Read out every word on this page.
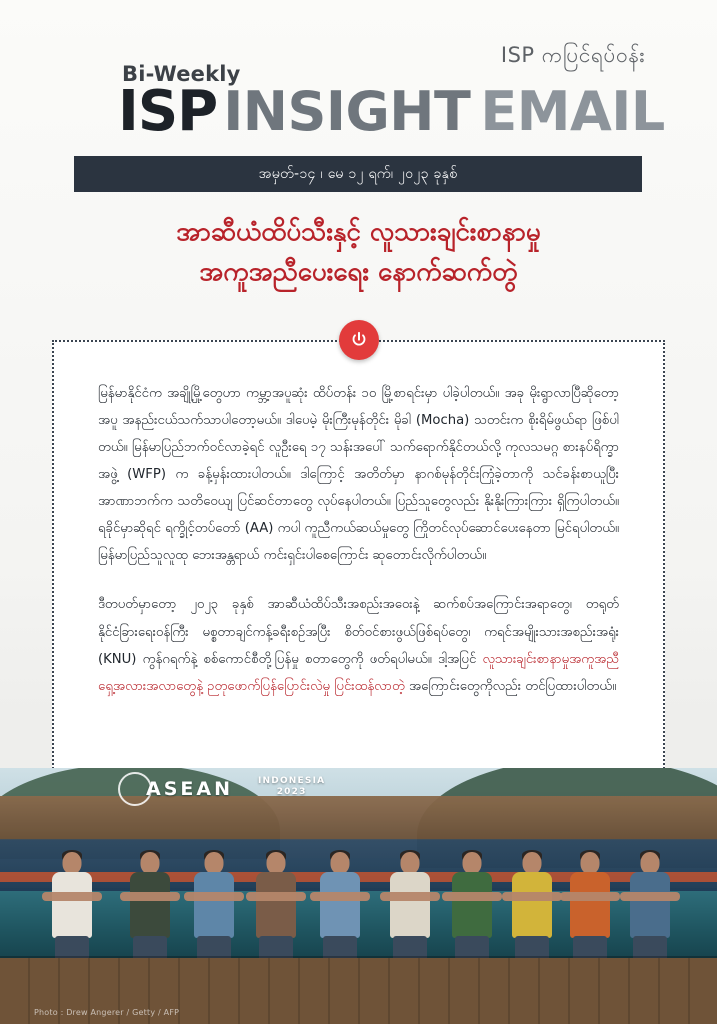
ISP ကပြင်ရပ်ဝန်း
Bi-Weekly
ISP INSIGHT EMAIL
အမှတ်-၁၄ ၊ မေ ၁၂ ရက်၊ ၂၀၂၃ ခုနှစ်
အာဆီယံထိပ်သီးနှင့် လူသားချင်းစာနာမှု
အကူအညီပေးရေး နောက်ဆက်တွဲ

မြန်မာနိုင်ငံက အချို့မြို့တွေဟာ ကမ္ဘာ့အပူဆုံး ထိပ်တန်း ၁၀ မြို့စာရင်းမှာ ပါခဲ့ပါတယ်။ အခု မိုးရွာလာပြီဆိုတော့ အပူ အနည်းငယ်သက်သာပါတော့မယ်။ ဒါပေမဲ့ မိုးကြီးမုန်တိုင်း မိုခါ (Mocha) သတင်းက စိုးရိမ်ဖွယ်ရာ ဖြစ်ပါတယ်။ မြန်မာပြည်ဘက်ဝင်လာခဲ့ရင် လူဦးရေ ၁၇ သန်းအပေါ် သက်ရောက်နိုင်တယ်လို့ ကုလသမဂ္ဂ စားနပ်ရိက္ခာအဖွဲ့ (WFP) က ခန့်မှန်းထားပါတယ်။ ဒါကြောင့် အတိတ်မှာ နာဂစ်မုန်တိုင်းကြုံခဲ့တာကို သင်ခန်းစာယူပြီး အာဏာဘက်က သတိဝေယျ ပြင်ဆင်တာတွေ လုပ်နေပါတယ်။ ပြည်သူတွေလည်း နိုးနိုးကြားကြား ရှိကြပါတယ်။ ရခိုင်မှာဆိုရင် ရက္ခိုင့်တပ်တော် (AA) ကပါ ကူညီကယ်ဆယ်မှုတွေ ကြိုတင်လုပ်ဆောင်ပေးနေတာ မြင်ရပါတယ်။ မြန်မာပြည်သူလူထု ဘေးအန္တရာယ် ကင်းရှင်းပါစေကြောင်း ဆုတောင်းလိုက်ပါတယ်။

ဒီတပတ်မှာတော့ ၂၀၂၃ ခုနှစ် အာဆီယံထိပ်သီးအစည်းအဝေးနဲ့ ဆက်စပ်အကြောင်းအရာတွေ၊ တရုတ်နိုင်ငံခြားရေးဝန်ကြီး မစ္စတာချင်ကန့်ခရီးစဉ်အပြီး စိတ်ဝင်စားဖွယ်ဖြစ်ရပ်တွေ၊ ကရင်အမျိုးသားအစည်းအရုံး (KNU) ကွန်ဂရက်နဲ့ စစ်ကောင်စီတို့ပြန်မှု စတာတွေကို ဖတ်ရပါမယ်။ ဒါ့အပြင် လူသားချင်းစာနာမှုအကူအညီ ရှေ့အလားအလာတွေနဲ့ ဉတုဖောက်ပြန်ပြောင်းလဲမှု ပြင်းထန်လာတဲ့ အကြောင်းတွေကိုလည်း တင်ပြထားပါတယ်။

ASEAN	INDONESIA
2023
Photo : Drew Angerer / Getty / AFP
